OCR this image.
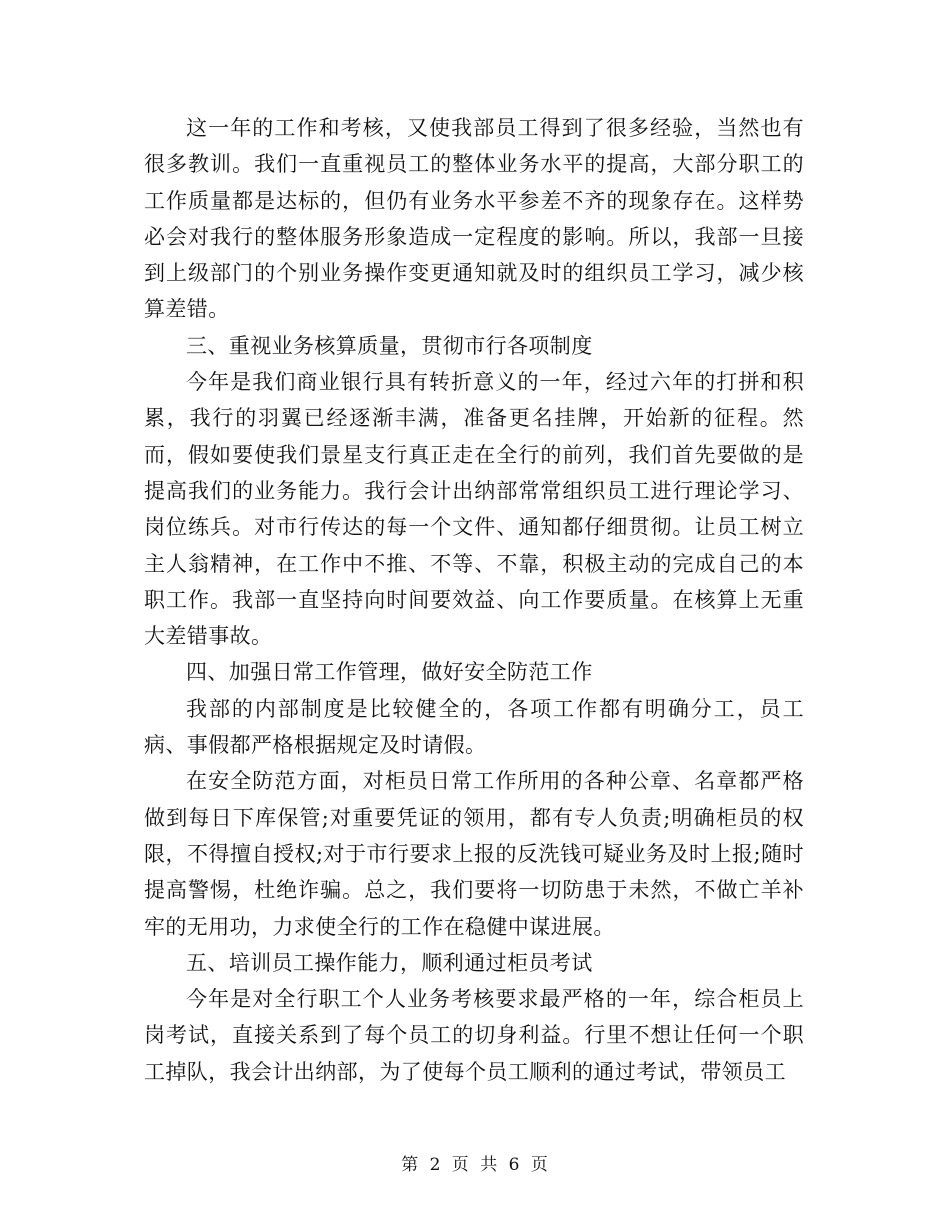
这一年的工作和考核，又使我部员工得到了很多经验，当然也有很多教训。我们一直重视员工的整体业务水平的提高，大部分职工的工作质量都是达标的，但仍有业务水平参差不齐的现象存在。这样势必会对我行的整体服务形象造成一定程度的影响。所以，我部一旦接到上级部门的个别业务操作变更通知就及时的组织员工学习，减少核算差错。

三、重视业务核算质量，贯彻市行各项制度

今年是我们商业银行具有转折意义的一年，经过六年的打拼和积累，我行的羽翼已经逐渐丰满，准备更名挂牌，开始新的征程。然而，假如要使我们景星支行真正走在全行的前列，我们首先要做的是提高我们的业务能力。我行会计出纳部常常组织员工进行理论学习、岗位练兵。对市行传达的每一个文件、通知都仔细贯彻。让员工树立主人翁精神，在工作中不推、不等、不靠，积极主动的完成自己的本职工作。我部一直坚持向时间要效益、向工作要质量。在核算上无重大差错事故。

四、加强日常工作管理，做好安全防范工作

我部的内部制度是比较健全的，各项工作都有明确分工，员工病、事假都严格根据规定及时请假。

在安全防范方面，对柜员日常工作所用的各种公章、名章都严格做到每日下库保管;对重要凭证的领用，都有专人负责;明确柜员的权限，不得擅自授权;对于市行要求上报的反洗钱可疑业务及时上报;随时提高警惕，杜绝诈骗。总之，我们要将一切防患于未然，不做亡羊补牢的无用功，力求使全行的工作在稳健中谋进展。

五、培训员工操作能力，顺利通过柜员考试

今年是对全行职工个人业务考核要求最严格的一年，综合柜员上岗考试，直接关系到了每个员工的切身利益。行里不想让任何一个职工掉队，我会计出纳部，为了使每个员工顺利的通过考试，带领员工

第 2 页 共 6 页
